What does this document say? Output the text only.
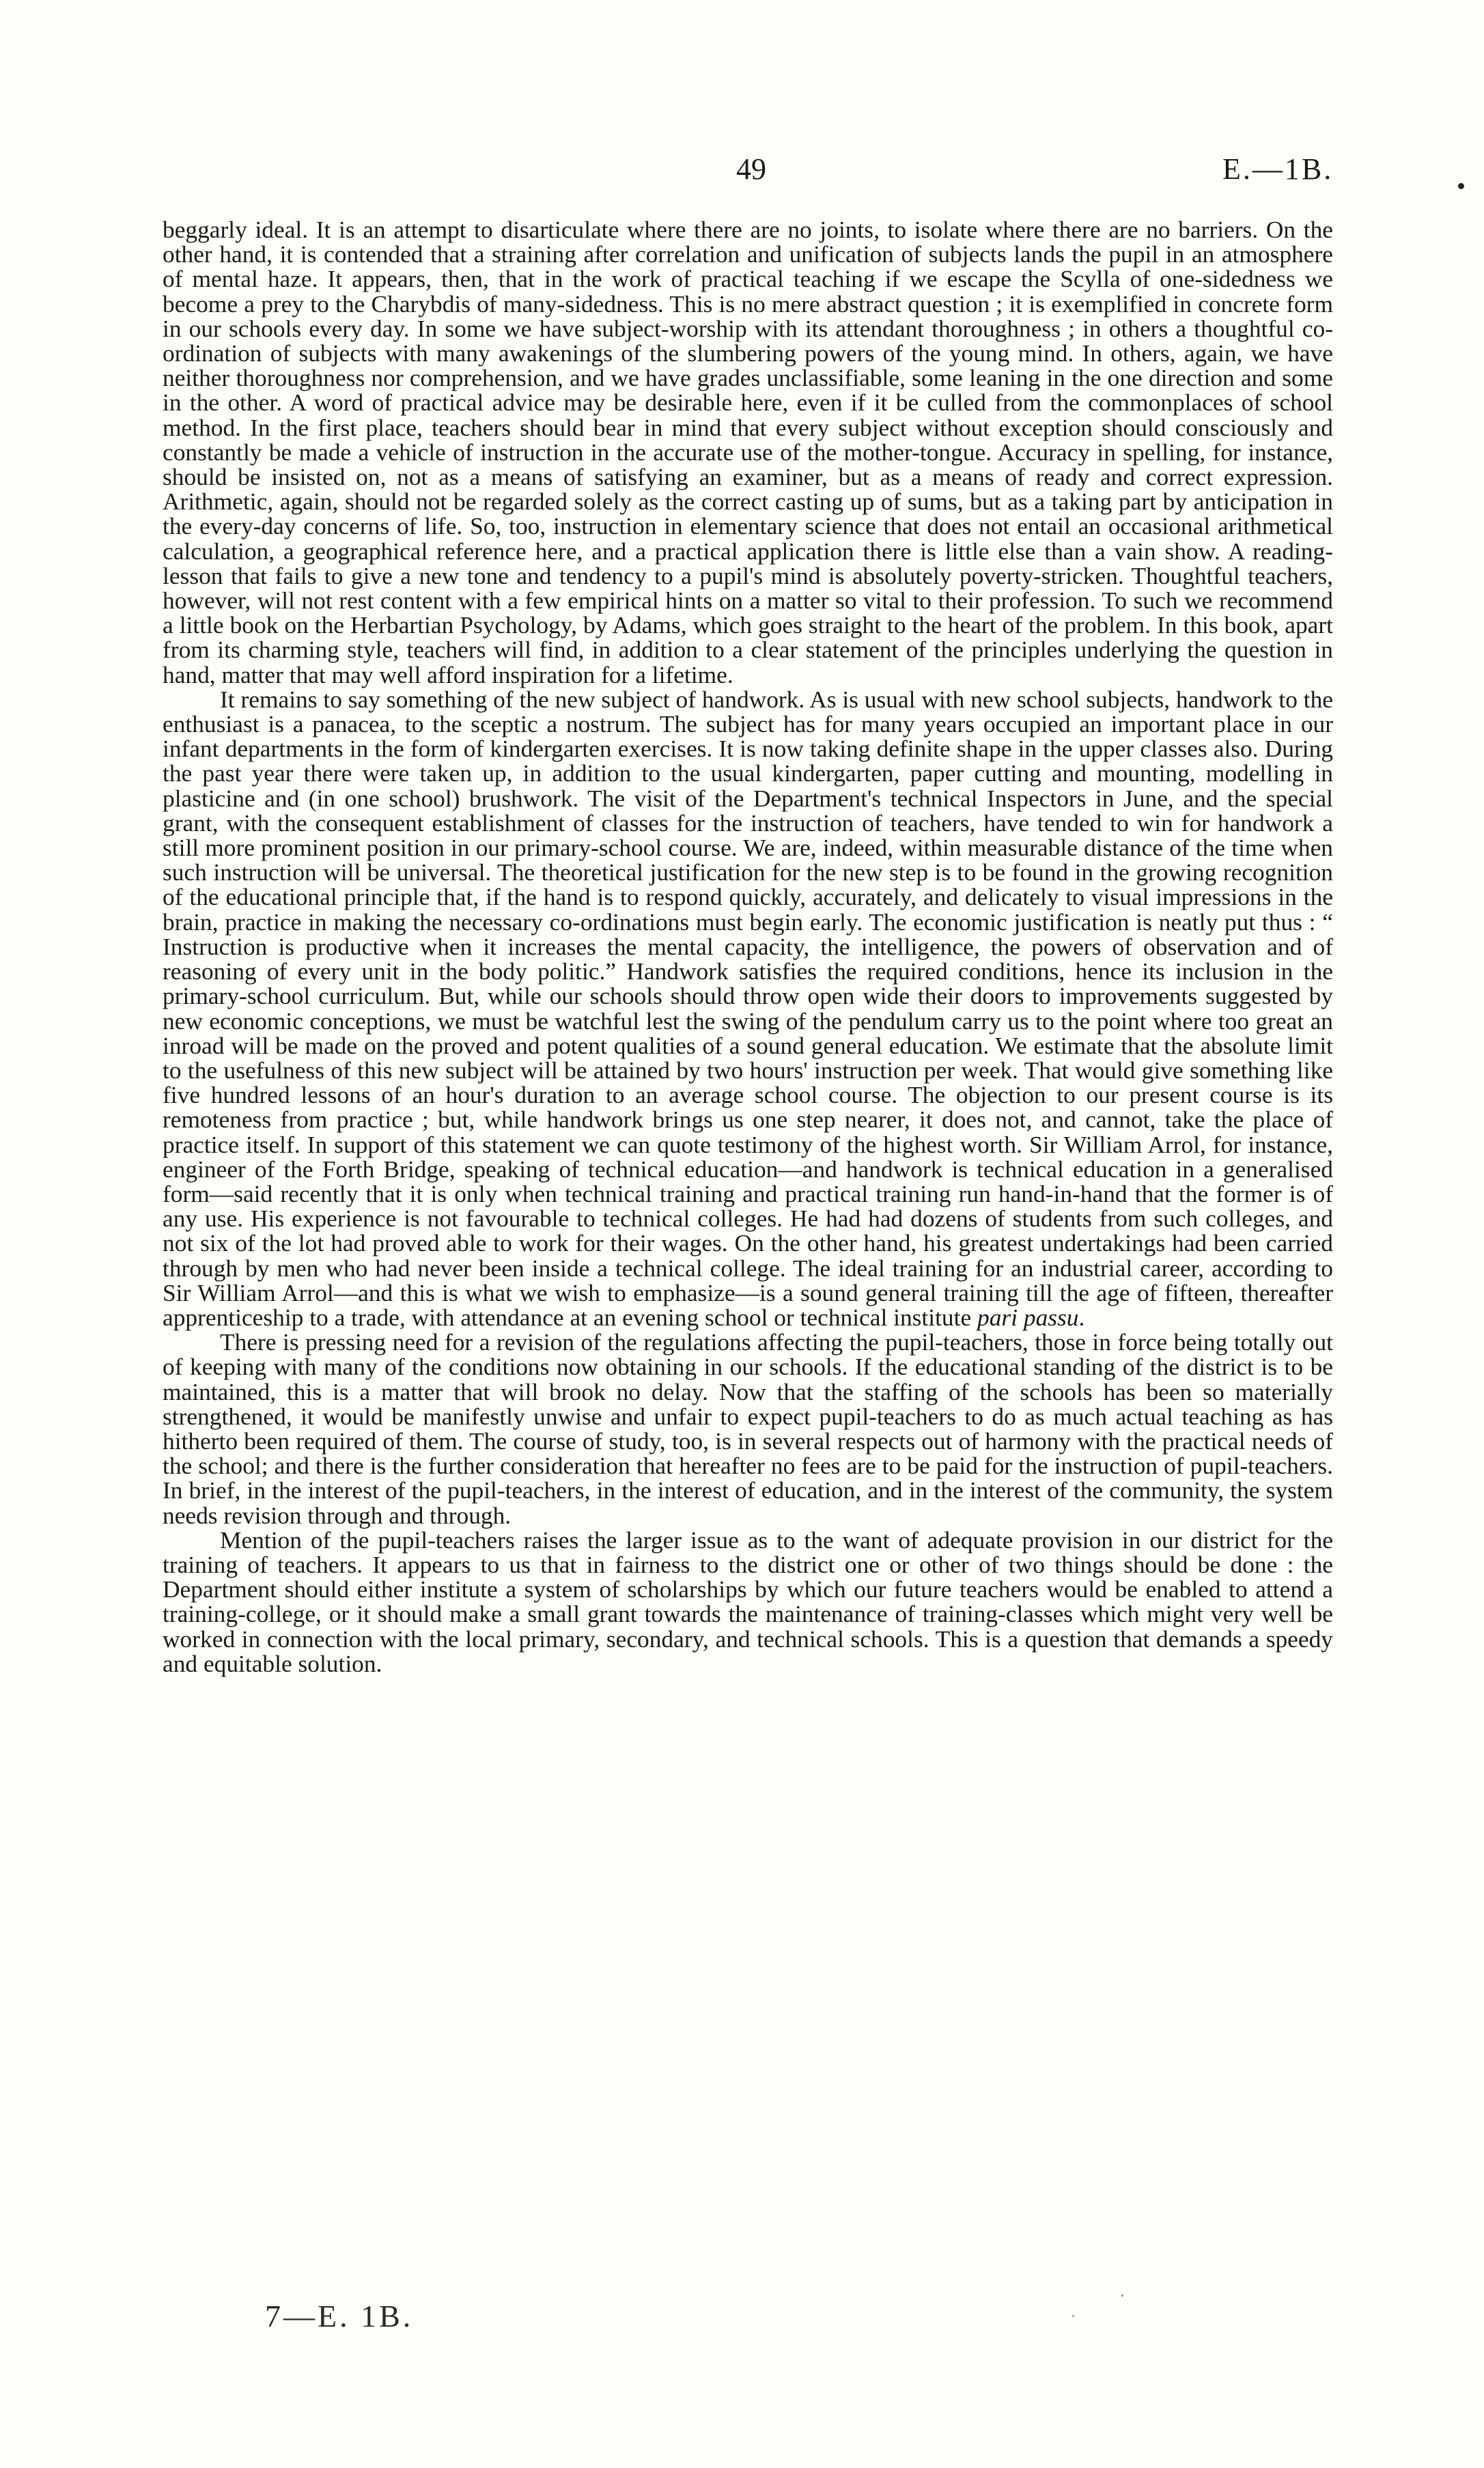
49	E.—1B.

beggarly ideal. It is an attempt to disarticulate where there are no joints, to isolate where there are no barriers. On the other hand, it is contended that a straining after correlation and unification of subjects lands the pupil in an atmosphere of mental haze. It appears, then, that in the work of practical teaching if we escape the Scylla of one-sidedness we become a prey to the Charybdis of many-sidedness. This is no mere abstract question ; it is exemplified in concrete form in our schools every day. In some we have subject-worship with its attendant thoroughness ; in others a thoughtful co-ordination of subjects with many awakenings of the slumbering powers of the young mind. In others, again, we have neither thoroughness nor comprehension, and we have grades unclassifiable, some leaning in the one direction and some in the other. A word of practical advice may be desirable here, even if it be culled from the commonplaces of school method. In the first place, teachers should bear in mind that every subject without exception should consciously and constantly be made a vehicle of instruction in the accurate use of the mother-tongue. Accuracy in spelling, for instance, should be insisted on, not as a means of satisfying an examiner, but as a means of ready and correct expression. Arithmetic, again, should not be regarded solely as the correct casting up of sums, but as a taking part by anticipation in the every-day concerns of life. So, too, instruction in elementary science that does not entail an occasional arithmetical calculation, a geographical reference here, and a practical application there is little else than a vain show. A reading-lesson that fails to give a new tone and tendency to a pupil's mind is absolutely poverty-stricken. Thoughtful teachers, however, will not rest content with a few empirical hints on a matter so vital to their profession. To such we recommend a little book on the Herbartian Psychology, by Adams, which goes straight to the heart of the problem. In this book, apart from its charming style, teachers will find, in addition to a clear statement of the principles underlying the question in hand, matter that may well afford inspiration for a lifetime.

It remains to say something of the new subject of handwork. As is usual with new school subjects, handwork to the enthusiast is a panacea, to the sceptic a nostrum. The subject has for many years occupied an important place in our infant departments in the form of kindergarten exercises. It is now taking definite shape in the upper classes also. During the past year there were taken up, in addition to the usual kindergarten, paper cutting and mounting, modelling in plasticine and (in one school) brushwork. The visit of the Department's technical Inspectors in June, and the special grant, with the consequent establishment of classes for the instruction of teachers, have tended to win for handwork a still more prominent position in our primary-school course. We are, indeed, within measurable distance of the time when such instruction will be universal. The theoretical justification for the new step is to be found in the growing recognition of the educational principle that, if the hand is to respond quickly, accurately, and delicately to visual impressions in the brain, practice in making the necessary co-ordinations must begin early. The economic justification is neatly put thus : “ Instruction is productive when it increases the mental capacity, the intelligence, the powers of observation and of reasoning of every unit in the body politic.” Handwork satisfies the required conditions, hence its inclusion in the primary-school curriculum. But, while our schools should throw open wide their doors to improvements suggested by new economic conceptions, we must be watchful lest the swing of the pendulum carry us to the point where too great an inroad will be made on the proved and potent qualities of a sound general education. We estimate that the absolute limit to the usefulness of this new subject will be attained by two hours' instruction per week. That would give something like five hundred lessons of an hour's duration to an average school course. The objection to our present course is its remoteness from practice ; but, while handwork brings us one step nearer, it does not, and cannot, take the place of practice itself. In support of this statement we can quote testimony of the highest worth. Sir William Arrol, for instance, engineer of the Forth Bridge, speaking of technical education—and handwork is technical education in a generalised form—said recently that it is only when technical training and practical training run hand-in-hand that the former is of any use. His experience is not favourable to technical colleges. He had had dozens of students from such colleges, and not six of the lot had proved able to work for their wages. On the other hand, his greatest undertakings had been carried through by men who had never been inside a technical college. The ideal training for an industrial career, according to Sir William Arrol—and this is what we wish to emphasize—is a sound general training till the age of fifteen, thereafter apprenticeship to a trade, with attendance at an evening school or technical institute pari passu.

There is pressing need for a revision of the regulations affecting the pupil-teachers, those in force being totally out of keeping with many of the conditions now obtaining in our schools. If the educational standing of the district is to be maintained, this is a matter that will brook no delay. Now that the staffing of the schools has been so materially strengthened, it would be manifestly unwise and unfair to expect pupil-teachers to do as much actual teaching as has hitherto been required of them. The course of study, too, is in several respects out of harmony with the practical needs of the school; and there is the further consideration that hereafter no fees are to be paid for the instruction of pupil-teachers. In brief, in the interest of the pupil-teachers, in the interest of education, and in the interest of the community, the system needs revision through and through.

Mention of the pupil-teachers raises the larger issue as to the want of adequate provision in our district for the training of teachers. It appears to us that in fairness to the district one or other of two things should be done : the Department should either institute a system of scholarships by which our future teachers would be enabled to attend a training-college, or it should make a small grant towards the maintenance of training-classes which might very well be worked in connection with the local primary, secondary, and technical schools. This is a question that demands a speedy and equitable solution.

7—E. 1B.
